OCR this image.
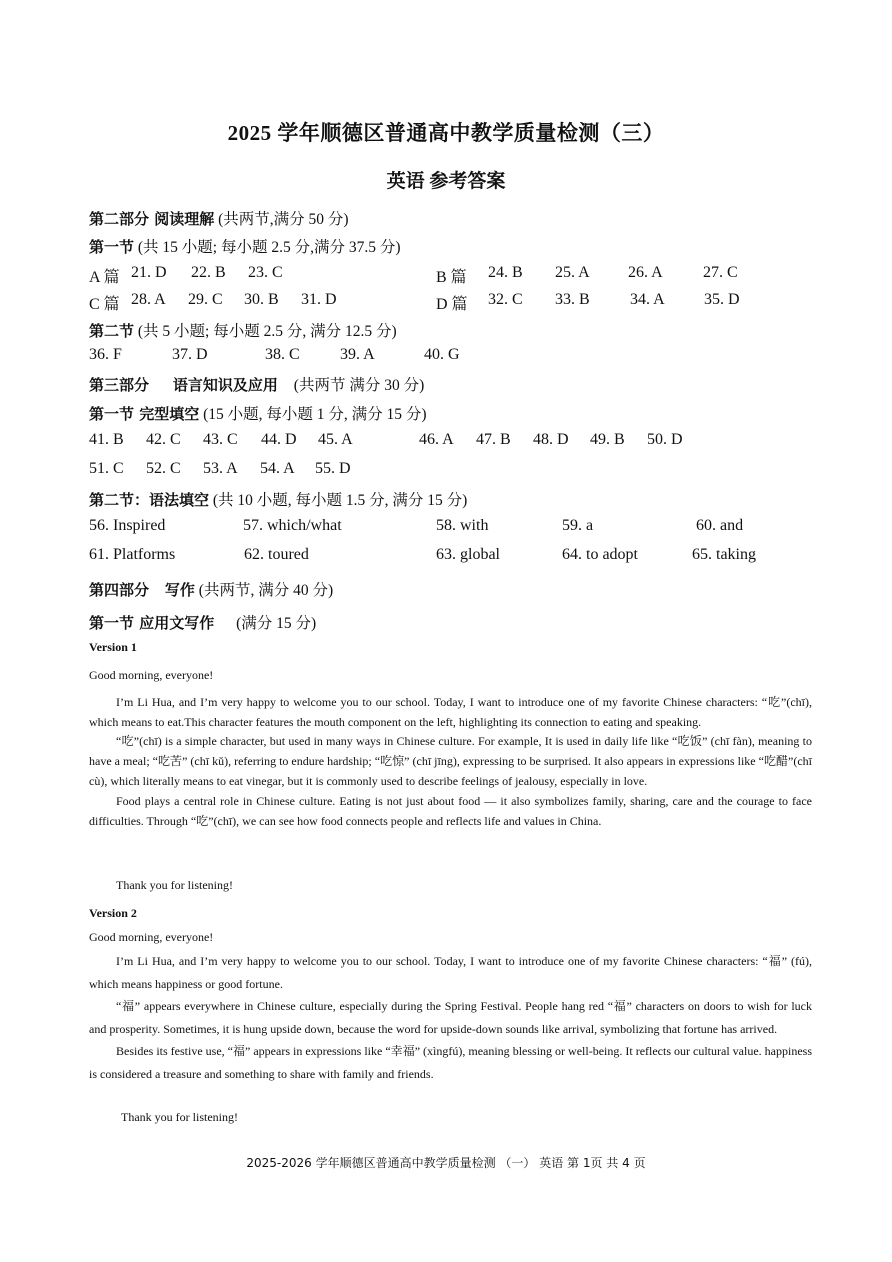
2025 学年顺德区普通高中教学质量检测（三）
英语 参考答案
第二部分 阅读理解 (共两节,满分 50 分)
第一节 (共 15 小题; 每小题 2.5 分,满分 37.5 分)
A 篇 21. D 22. B 23. C	B 篇 24. B 25. A 26. A	27. C
C 篇 28. A 29. C 30. B 31. D	D 篇 32. C 33. B	34. A 35. D
第二节 (共 5 小题; 每小题 2.5 分, 满分 12.5 分)
36. F	37. D	38. C	39. A	40. G
第三部分 语言知识及应用 (共两节 满分 30 分)
第一节 完型填空 (15 小题, 每小题 1 分, 满分 15 分)
41. B 42. C 43. C 44. D 45. A	46. A 47. B 48. D 49. B 50. D
51. C 52. C 53. A 54. A 55. D
第二节：语法填空 (共 10 小题, 每小题 1.5 分, 满分 15 分)
56. Inspired	57. which/what	58. with	59. a	60. and
61. Platforms	62. toured	63. global	64. to adopt	65. taking
第四部分 写作 (共两节, 满分 40 分)
第一节 应用文写作 (满分 15 分)
Version 1
Good morning, everyone!

I’m Li Hua, and I’m very happy to welcome you to our school. Today, I want to introduce one of my favorite Chinese characters: “吃”(chī), which means to eat.This character features the mouth component on the left, highlighting its connection to eating and speaking.

“吃”(chī) is a simple character, but used in many ways in Chinese culture. For example, It is used in daily life like “吃饭” (chī fàn), meaning to have a meal; “吃苦” (chī kǔ), referring to endure hardship; “吃惊” (chī jīng), expressing to be surprised. It also appears in expressions like “吃醋”(chī cù), which literally means to eat vinegar, but it is commonly used to describe feelings of jealousy, especially in love.

Food plays a central role in Chinese culture. Eating is not just about food — it also symbolizes family, sharing, care and the courage to face difficulties. Through “吃”(chī), we can see how food connects people and reflects life and values in China.

Thank you for listening!
Version 2
Good morning, everyone!

I’m Li Hua, and I’m very happy to welcome you to our school. Today, I want to introduce one of my favorite Chinese characters: “福” (fú), which means happiness or good fortune.

“福” appears everywhere in Chinese culture, especially during the Spring Festival. People hang red “福” characters on doors to wish for luck and prosperity. Sometimes, it is hung upside down, because the word for upside-down sounds like arrival, symbolizing that fortune has arrived.

Besides its festive use, “福” appears in expressions like “幸福” (xìngfú), meaning blessing or well-being. It reflects our cultural value. happiness is considered a treasure and something to share with family and friends.

Thank you for listening!
2025-2026 学年顺德区普通高中教学质量检测 （一） 英语 第 1页 共 4 页
